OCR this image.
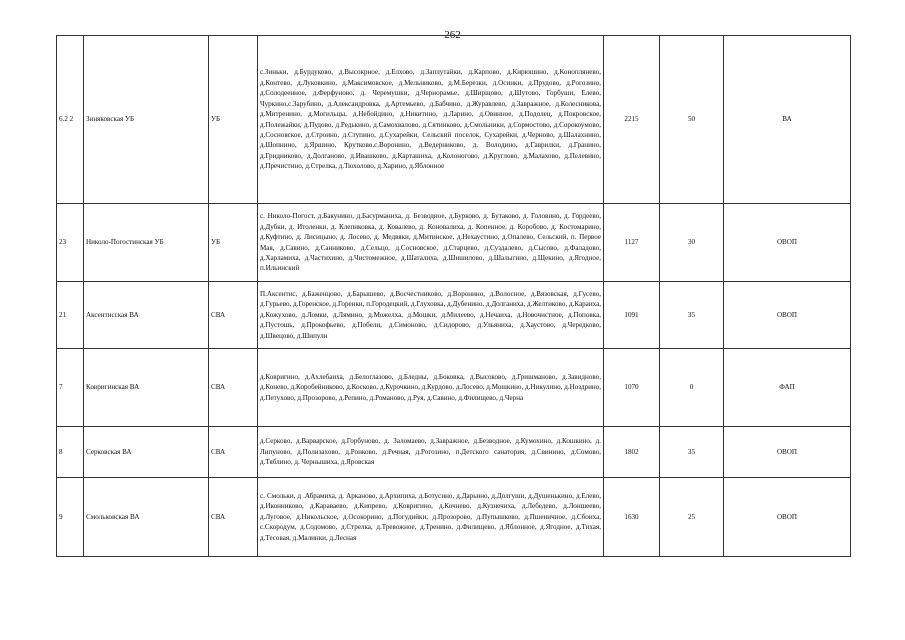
262
6.2 2	Зиняковская УБ	УБ	с.Зиньки, д.Бурдуково, д.Высокрное, д.Елхово, д.Заплутайки, д.Карпово, д.Кирюшино, д.Коноплянево, д.Контево, д.Луковкино, д.Максимовское, д.Мельниково, д.М.Березки, д.Осинки, д.Прудово, д.Рогозино, д.Солодеенное, д.Ферфуново, д. Черемушки, д.Чернорамье, д.Ширщово, д.Шутово, Горбуши, Елево, Чуркино,с.Зарубино, д.Александровка, д.Артемьево, д.Бабчино, д.Журавлево, д.Завражное, д.Колесникова, д.Митренино, д.Могильцы, д.Небойдино, д.Никитино, д.Ларино, д.Овинное, д.Подолец, д.Покровское, д.Полежайки, д.Пудово, д.Редькино, д.Самохвалово, д.Сятинково, д.Смольники, д.Сормостово, д.Сорокоумово, д.Сосновское, д.Строино, д.Ступино, д.Сухарейки, Сельский поселок, Сухарейки, д.Черново, д.Шалахнино, д.Шопнино, д.Яршино, Крутково,с.Воронино, д.Ведерниково, д. Володино, д.Гаврилки, д.Гранино, д.Гридниково, д.Долганово, д.Ивашково, д.Карташиха, д.Колоногово, д.Круглово, д.Малахово, д.Пелевино, д.Пречистино, д.Стрелка, д.Тюхолово, д.Харино, д.Яблонное	2215	50	ВА
23	Николо-Погостинская УБ	УБ	с. Николо-Погост, д.Бакунино, д.Басурманиха, д. Безводное, д.Бурково, д. Бутаково, д. Головино, д. Гордеево, д.Дубки, д. Итоленки, д. Клепиковка, д. Ковалево, д. Коновалиха, д. Копенное, д. Коробово, д. Костомарино, д.Куфтино, д. Лисицыно, д. Лосево, д. Медвяки, д.Митинское, д.Нехаустино, д.Опалево, Сельский, п. Первое Мая, д.Савино, д.Санниково, д.Сельцо, д.Сосновское, д.Старцево, д.Суздалево, д.Сысово, д.Фаладово, д.Харламиха, д.Частихино, д.Чистомежное, д.Шаталиха, д.Шишилово, д.Шалыгино, д.Щекино, д.Ягодное, п.Ильинский	1127	30	ОВОП
21	Аксентисская ВА	СВА	П.Аксентис, д.Баженцово, д.Барышево, д.Восчестниково, д.Воронино, д.Волосное, д.Вязовская, д.Гусево, д.Гурьево, д.Горенское, д.Горенки, п.Городецкий, д.Глуховка, д.Дубенино, д.Долганиха, д.Желтиково, д.Караиха, д.Кожухово, д.Ломки, д.Лямино, д.Можелха, д.Мошки, д.Милеево, д.Нечаиха, д.Новочистное, д.Поповка, д.Пустошь, д.Прокофьево, д.Побели, д.Симоново, д.Сидорово, д.Ульяниха, д.Хаустово, д.Чередково, д.Швецово, д.Шипули	1091	35	ОВОП
7	Ковригинская ВА	СВА	д.Ковригино, д.Ахлебаиха, д.Белоглазово, д.Бледны, д.Боковка, д.Высоково, д.Гришманово, д.Завидново, д.Конево, д.Коробейниково, д.Косково, д.Курочкино, д.Курдово, д.Лосево, д.Мошкино, д.Никулино, д.Ноздрино, д.Петухово, д.Прозорово, д.Репино, д.Романово, д.Руя, д.Савино, д.Филищево, д.Черна	1070	0	ФАП
8	Серковская ВА	СВА	д.Серково, д.Варварское, д.Горбуново, д. Заломаево, д.Завражное, д.Безводное, д.Кумохино, д.Кошкино, д. Липуново, д.Полизахово, д.Ронково, д.Речная, д.Рогозино, п.Детского санатория, д.Свинино, д.Сомово, д.Тяблино, д. Чернышиха, д.Яровская	1802	35	ОВОП
9	Смольковская ВА	СВА	с. Смольки, д .Абрамиха, д. Арканово, д.Архипиха, д.Ботусино, д.Дарьино, д.Долгуши, д.Душенькино, д.Елево, д.Иконниково, д.Караваево, д.Кипрево, д.Ковригино, д.Кочнево, д.Кузнечиха, д.Лебедево, д.Лоншеево, д.Луговое, д.Никольское, д.Осокорино, д.Погудийки, д.Прозорово, д.Пупышково, д.Пшеничное, д.Сбоиха, с.Скородум, д.Содомово, д.Стрелка, д.Тревожное, д.Тренино, д.Филищево, д.Яблонное, д.Ягодное, д.Тихая, д.Тесовая, д.Малинки, д.Лесная	1630	25	ОВОП
